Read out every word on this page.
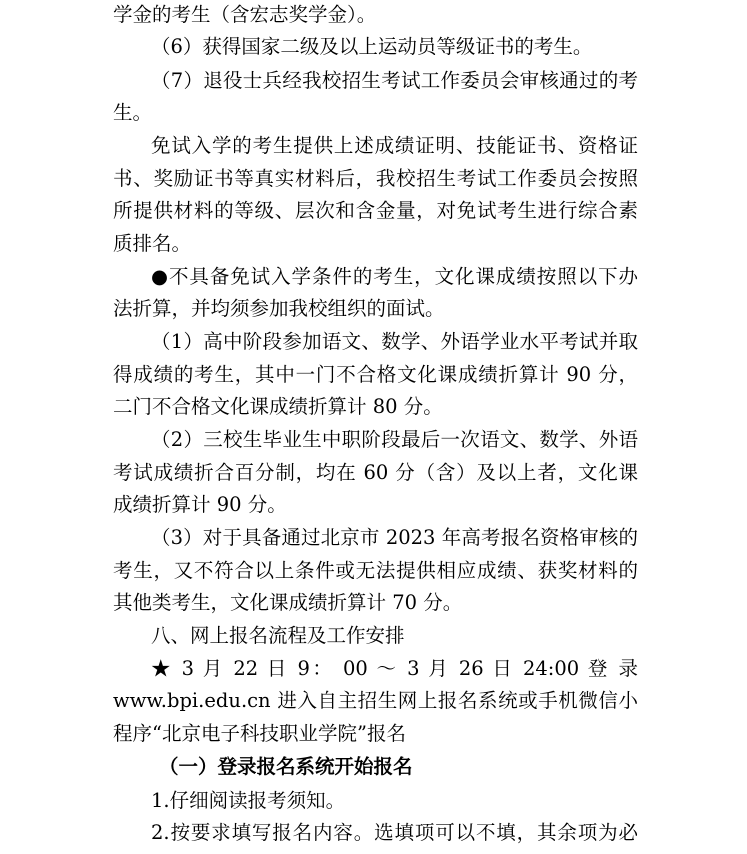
学金的考生（含宏志奖学金）。
（6）获得国家二级及以上运动员等级证书的考生。
（7）退役士兵经我校招生考试工作委员会审核通过的考
生。
免试入学的考生提供上述成绩证明、技能证书、资格证
书、奖励证书等真实材料后，我校招生考试工作委员会按照
所提供材料的等级、层次和含金量，对免试考生进行综合素
质排名。
●不具备免试入学条件的考生，文化课成绩按照以下办
法折算，并均须参加我校组织的面试。
（1）高中阶段参加语文、数学、外语学业水平考试并取
得成绩的考生，其中一门不合格文化课成绩折算计 90 分，
二门不合格文化课成绩折算计 80 分。
（2）三校生毕业生中职阶段最后一次语文、数学、外语
考试成绩折合百分制，均在 60 分（含）及以上者，文化课
成绩折算计 90 分。
（3）对于具备通过北京市 2023 年高考报名资格审核的
考生，又不符合以上条件或无法提供相应成绩、获奖材料的
其他类考生，文化课成绩折算计 70 分。
八、网上报名流程及工作安排
★ 3 月 22 日 9： 00 ～ 3 月 26 日 24:00 登 录
www.bpi.edu.cn 进入自主招生网上报名系统或手机微信小
程序“北京电子科技职业学院”报名
（一）登录报名系统开始报名
1.仔细阅读报考须知。
2.按要求填写报名内容。选填项可以不填，其余项为必
